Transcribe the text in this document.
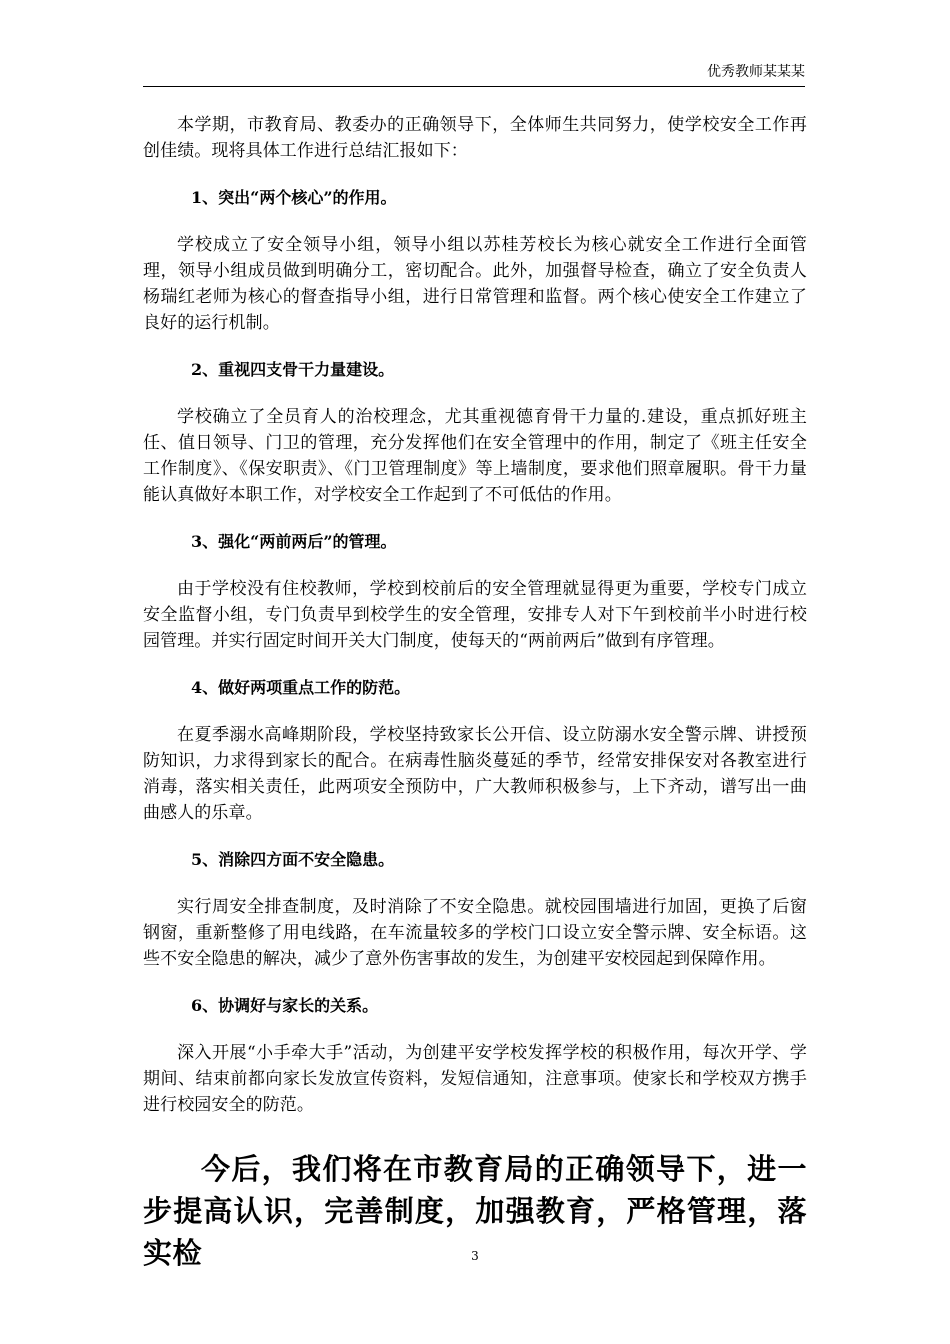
优秀教师某某某

本学期，市教育局、教委办的正确领导下，全体师生共同努力，使学校安全工作再创佳绩。现将具体工作进行总结汇报如下：

1、突出“两个核心”的作用。

学校成立了安全领导小组，领导小组以苏桂芳校长为核心就安全工作进行全面管理，领导小组成员做到明确分工，密切配合。此外，加强督导检查，确立了安全负责人杨瑞红老师为核心的督查指导小组，进行日常管理和监督。两个核心使安全工作建立了良好的运行机制。

2、重视四支骨干力量建设。

学校确立了全员育人的治校理念，尤其重视德育骨干力量的.建设，重点抓好班主任、值日领导、门卫的管理，充分发挥他们在安全管理中的作用，制定了《班主任安全工作制度》、《保安职责》、《门卫管理制度》等上墙制度，要求他们照章履职。骨干力量能认真做好本职工作，对学校安全工作起到了不可低估的作用。

3、强化“两前两后”的管理。

由于学校没有住校教师，学校到校前后的安全管理就显得更为重要，学校专门成立安全监督小组，专门负责早到校学生的安全管理，安排专人对下午到校前半小时进行校园管理。并实行固定时间开关大门制度，使每天的“两前两后”做到有序管理。

4、做好两项重点工作的防范。

在夏季溺水高峰期阶段，学校坚持致家长公开信、设立防溺水安全警示牌、讲授预防知识，力求得到家长的配合。在病毒性脑炎蔓延的季节，经常安排保安对各教室进行消毒，落实相关责任，此两项安全预防中，广大教师积极参与，上下齐动，谱写出一曲曲感人的乐章。

5、消除四方面不安全隐患。

实行周安全排查制度，及时消除了不安全隐患。就校园围墙进行加固，更换了后窗钢窗，重新整修了用电线路，在车流量较多的学校门口设立安全警示牌、安全标语。这些不安全隐患的解决，减少了意外伤害事故的发生，为创建平安校园起到保障作用。

6、协调好与家长的关系。

深入开展“小手牵大手”活动，为创建平安学校发挥学校的积极作用，每次开学、学期间、结束前都向家长发放宣传资料，发短信通知，注意事项。使家长和学校双方携手进行校园安全的防范。

今后，我们将在市教育局的正确领导下，进一步提高认识，完善制度，加强教育，严格管理，落实检	3
